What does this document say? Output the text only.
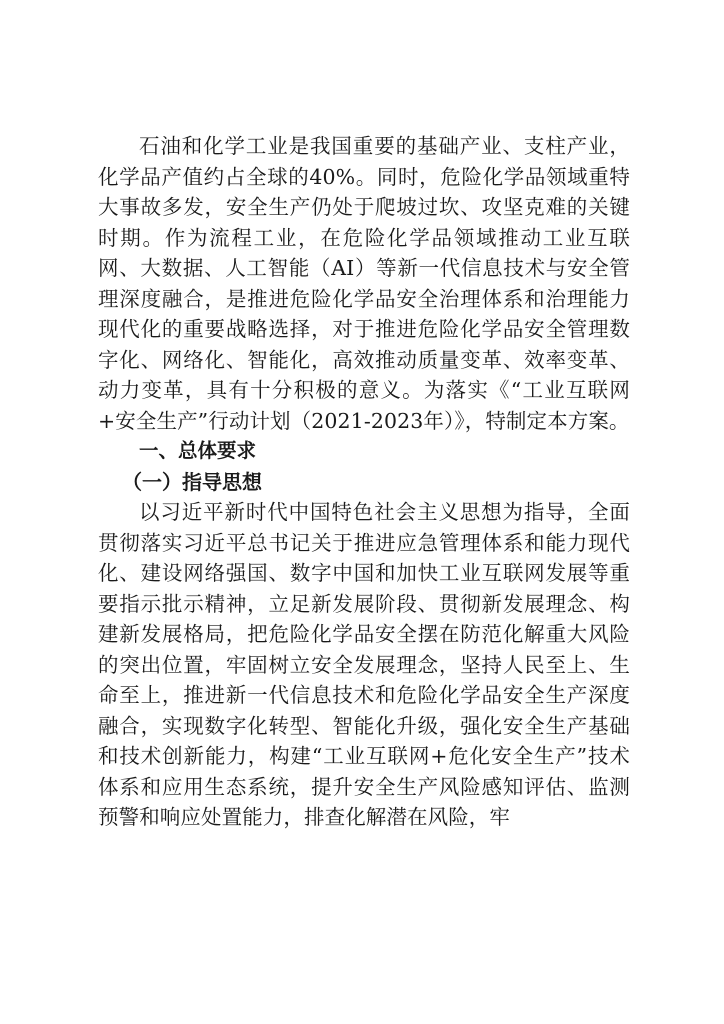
石油和化学工业是我国重要的基础产业、支柱产业，化学品产值约占全球的40%。同时，危险化学品领域重特大事故多发，安全生产仍处于爬坡过坎、攻坚克难的关键时期。作为流程工业，在危险化学品领域推动工业互联网、大数据、人工智能（AI）等新一代信息技术与安全管理深度融合，是推进危险化学品安全治理体系和治理能力现代化的重要战略选择，对于推进危险化学品安全管理数字化、网络化、智能化，高效推动质量变革、效率变革、动力变革，具有十分积极的意义。为落实《“工业互联网+安全生产”行动计划（2021-2023年）》，特制定本方案。

一、总体要求

（一）指导思想

以习近平新时代中国特色社会主义思想为指导，全面贯彻落实习近平总书记关于推进应急管理体系和能力现代化、建设网络强国、数字中国和加快工业互联网发展等重要指示批示精神，立足新发展阶段、贯彻新发展理念、构建新发展格局，把危险化学品安全摆在防范化解重大风险的突出位置，牢固树立安全发展理念，坚持人民至上、生命至上，推进新一代信息技术和危险化学品安全生产深度融合，实现数字化转型、智能化升级，强化安全生产基础和技术创新能力，构建“工业互联网+危化安全生产”技术体系和应用生态系统，提升安全生产风险感知评估、监测预警和响应处置能力，排查化解潜在风险，牢
